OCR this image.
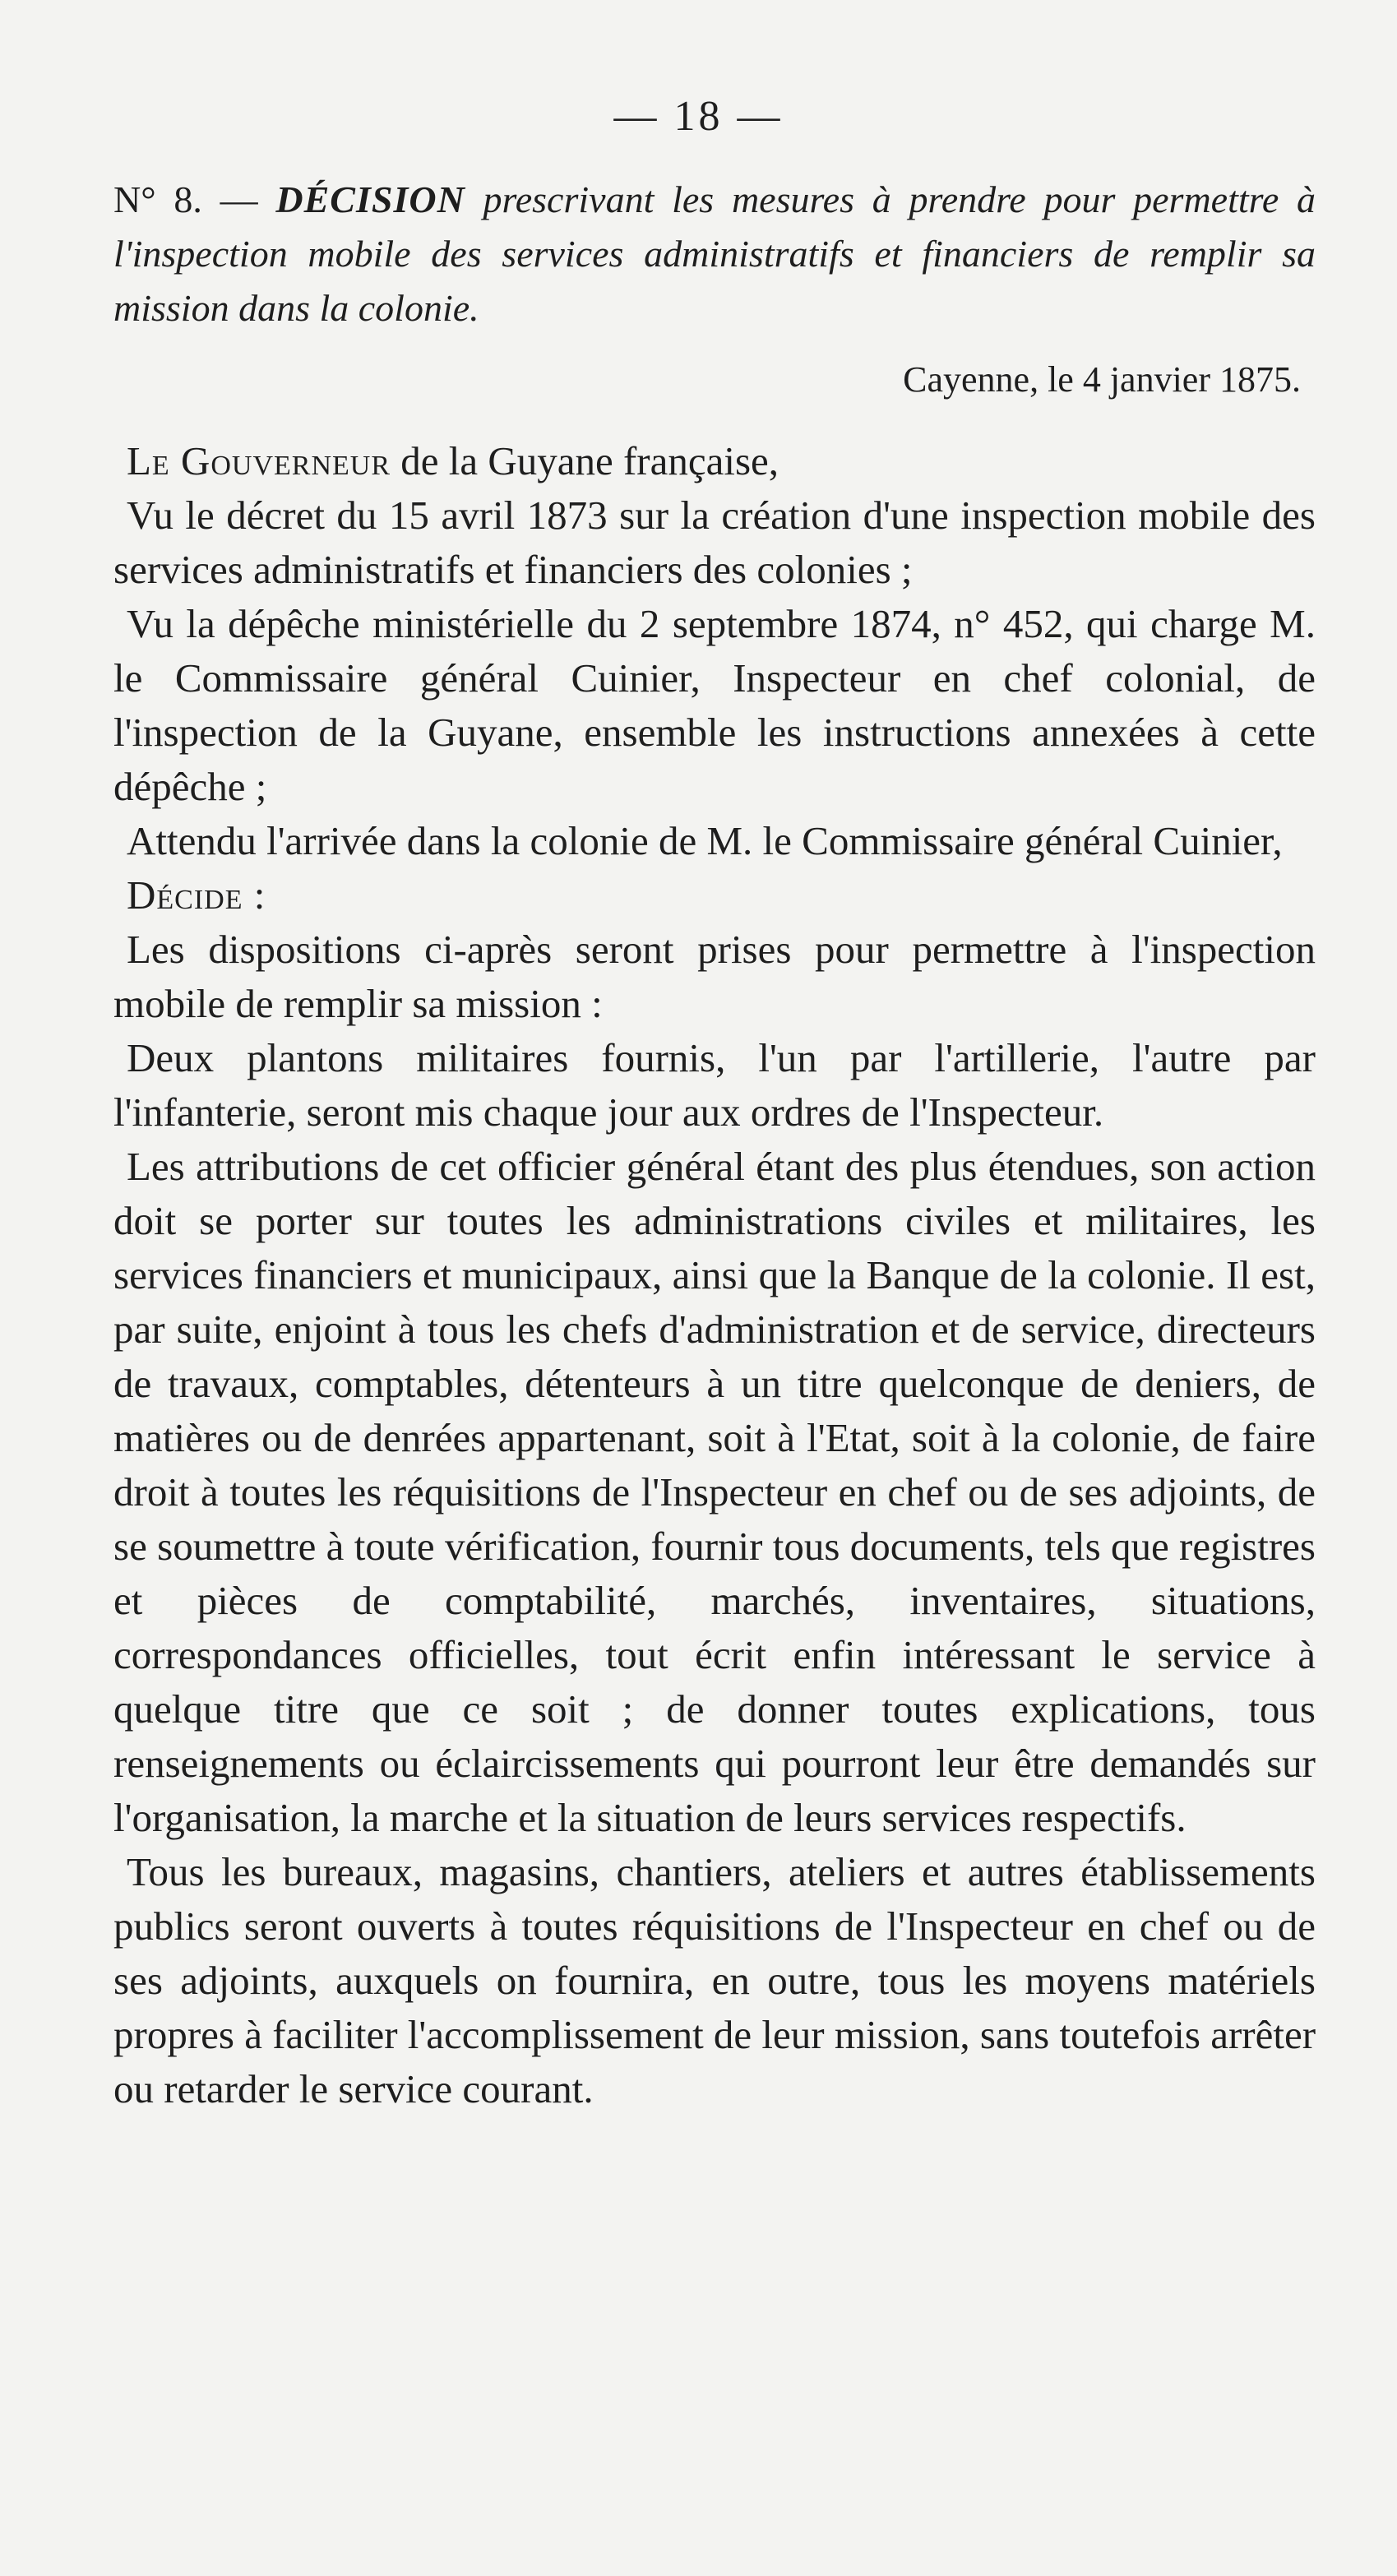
— 18 —
N° 8. — DÉCISION prescrivant les mesures à prendre pour permettre à l'inspection mobile des services administratifs et financiers de remplir sa mission dans la colonie.
Cayenne, le 4 janvier 1875.

Le Gouverneur de la Guyane française,

Vu le décret du 15 avril 1873 sur la création d'une inspection mobile des services administratifs et financiers des colonies ;

Vu la dépêche ministérielle du 2 septembre 1874, n° 452, qui charge M. le Commissaire général Cuinier, Inspecteur en chef colonial, de l'inspection de la Guyane, ensemble les instructions annexées à cette dépêche ;

Attendu l'arrivée dans la colonie de M. le Commissaire général Cuinier,

Décide :

Les dispositions ci-après seront prises pour permettre à l'inspection mobile de remplir sa mission :

Deux plantons militaires fournis, l'un par l'artillerie, l'autre par l'infanterie, seront mis chaque jour aux ordres de l'Inspecteur.

Les attributions de cet officier général étant des plus étendues, son action doit se porter sur toutes les administrations civiles et militaires, les services financiers et municipaux, ainsi que la Banque de la colonie. Il est, par suite, enjoint à tous les chefs d'administration et de service, directeurs de travaux, comptables, détenteurs à un titre quelconque de deniers, de matières ou de denrées appartenant, soit à l'Etat, soit à la colonie, de faire droit à toutes les réquisitions de l'Inspecteur en chef ou de ses adjoints, de se soumettre à toute vérification, fournir tous documents, tels que registres et pièces de comptabilité, marchés, inventaires, situations, correspondances officielles, tout écrit enfin intéressant le service à quelque titre que ce soit ; de donner toutes explications, tous renseignements ou éclaircissements qui pourront leur être demandés sur l'organisation, la marche et la situation de leurs services respectifs.

Tous les bureaux, magasins, chantiers, ateliers et autres établissements publics seront ouverts à toutes réquisitions de l'Inspecteur en chef ou de ses adjoints, auxquels on fournira, en outre, tous les moyens matériels propres à faciliter l'accomplissement de leur mission, sans toutefois arrêter ou retarder le service courant.
